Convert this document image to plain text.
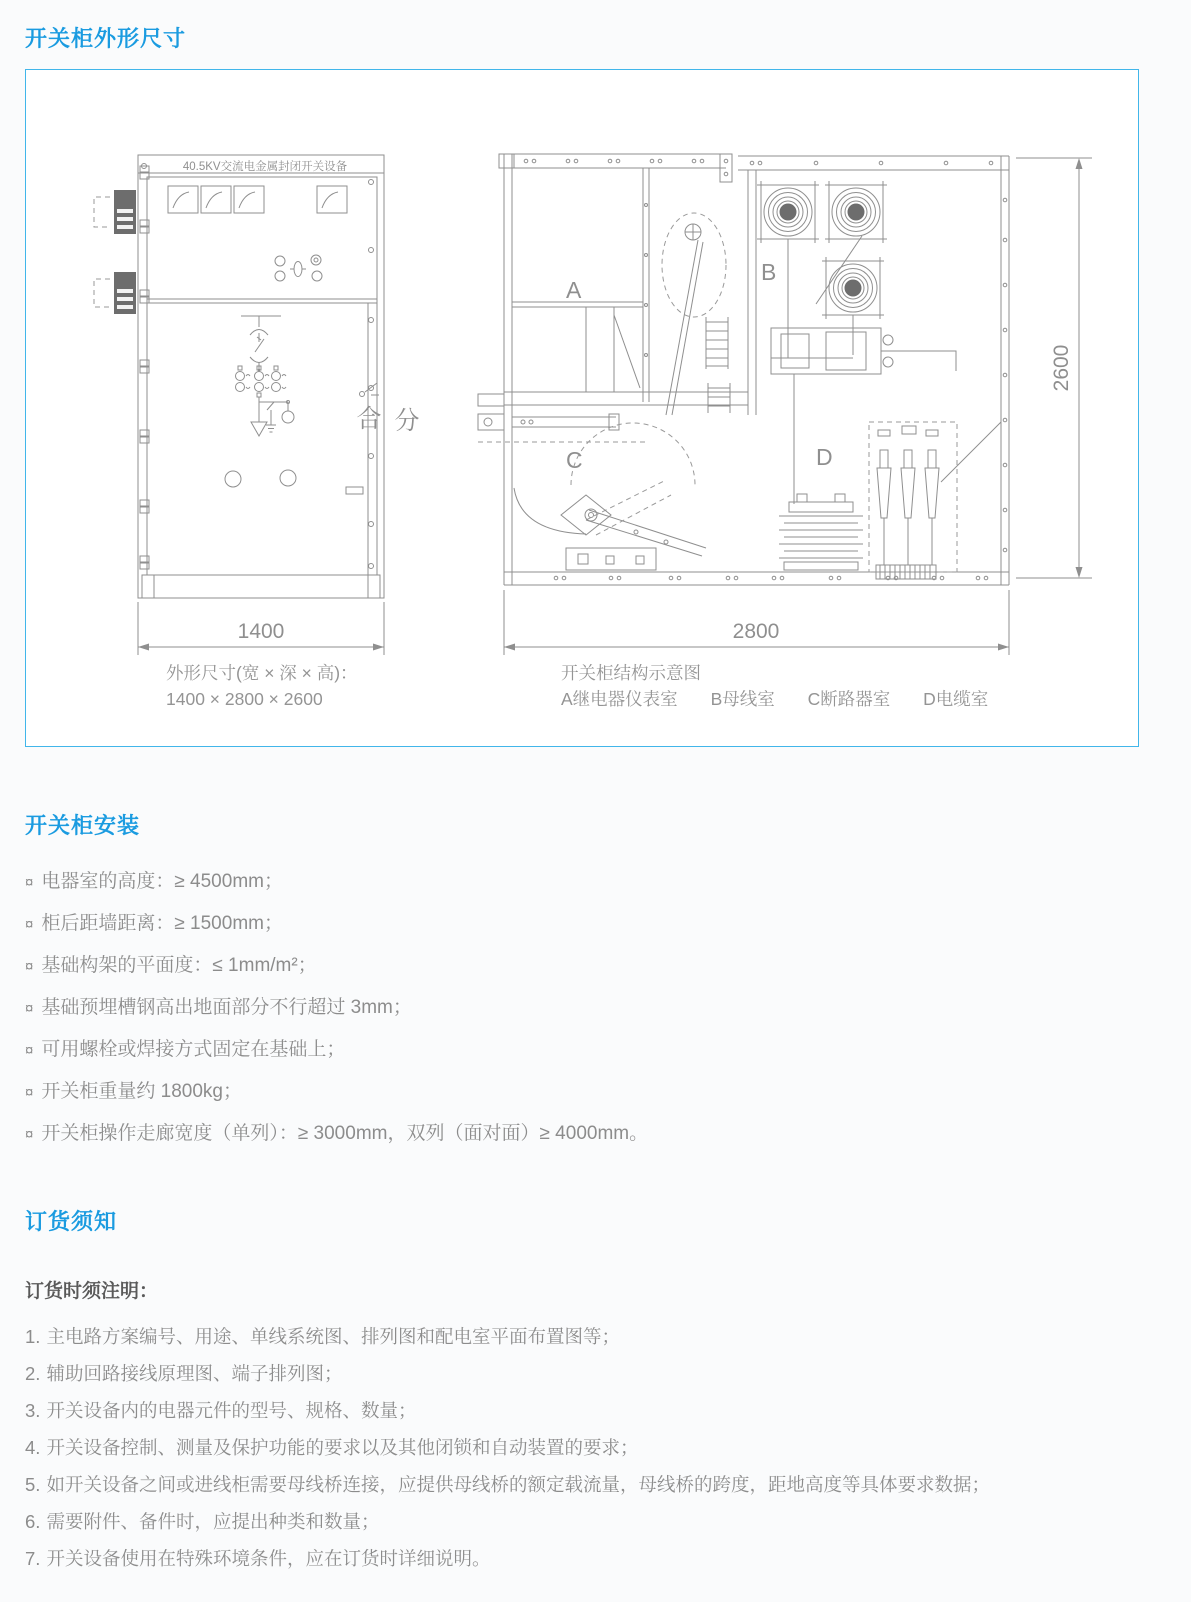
开关柜外形尺寸
40.5KV交流电金属封闭开关设备
合 分
1400
A
B
C	D
2800
2600
外形尺寸(宽 × 深 × 高)：
1400 × 2800 × 2600
开关柜结构示意图
A继电器仪表室 B母线室 C断路器室 D电缆室
开关柜安装
¤ 电器室的高度：≥ 4500mm；
¤ 柜后距墙距离：≥ 1500mm；
¤ 基础构架的平面度：≤ 1mm/m²；
¤ 基础预埋槽钢高出地面部分不行超过 3mm；
¤ 可用螺栓或焊接方式固定在基础上；
¤ 开关柜重量约 1800kg；
¤ 开关柜操作走廊宽度（单列）：≥ 3000mm，双列（面对面）≥ 4000mm。
订货须知

订货时须注明：

1. 主电路方案编号、用途、单线系统图、排列图和配电室平面布置图等；
2. 辅助回路接线原理图、端子排列图；
3. 开关设备内的电器元件的型号、规格、数量；
4. 开关设备控制、测量及保护功能的要求以及其他闭锁和自动装置的要求；
5. 如开关设备之间或进线柜需要母线桥连接，应提供母线桥的额定载流量，母线桥的跨度，距地高度等具体要求数据；
6. 需要附件、备件时，应提出种类和数量；
7. 开关设备使用在特殊环境条件，应在订货时详细说明。
